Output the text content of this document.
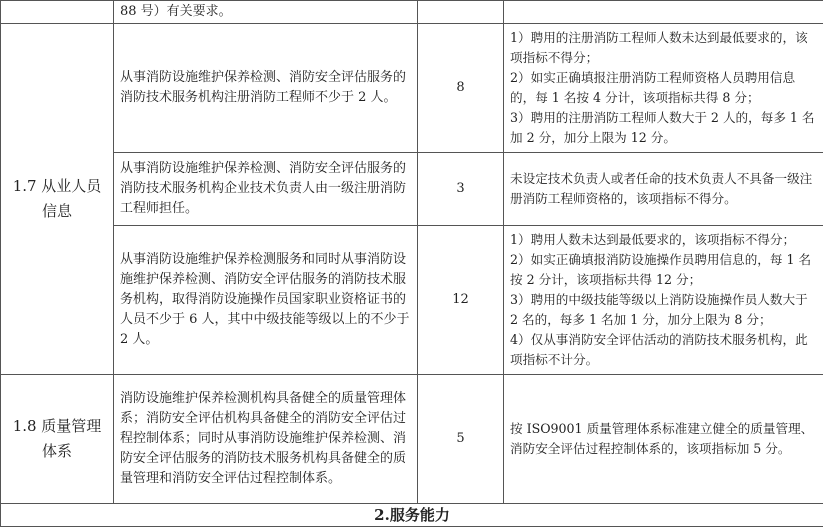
	88 号）有关要求。		
1.7 从业人员信息	从事消防设施维护保养检测、消防安全评估服务的消防技术服务机构注册消防工程师不少于 2 人。	8	1）聘用的注册消防工程师人数未达到最低要求的，该项指标不得分；
2）如实正确填报注册消防工程师资格人员聘用信息的，每 1 名按 4 分计，该项指标共得 8 分；
3）聘用的注册消防工程师人数大于 2 人的，每多 1 名加 2 分，加分上限为 12 分。

	从事消防设施维护保养检测、消防安全评估服务的消防技术服务机构企业技术负责人由一级注册消防工程师担任。	3	未设定技术负责人或者任命的技术负责人不具备一级注册消防工程师资格的，该项指标不得分。

	从事消防设施维护保养检测服务和同时从事消防设施维护保养检测、消防安全评估服务的消防技术服务机构，取得消防设施操作员国家职业资格证书的人员不少于 6 人，其中中级技能等级以上的不少于 2 人。	12	1）聘用人数未达到最低要求的，该项指标不得分；
2）如实正确填报消防设施操作员聘用信息的，每 1 名按 2 分计，该项指标共得 12 分；
3）聘用的中级技能等级以上消防设施操作员人数大于 2 名的，每多 1 名加 1 分，加分上限为 8 分；
4）仅从事消防安全评估活动的消防技术服务机构，此项指标不计分。

1.8 质量管理体系	消防设施维护保养检测机构具备健全的质量管理体系；消防安全评估机构具备健全的消防安全评估过程控制体系；同时从事消防设施维护保养检测、消防安全评估服务的消防技术服务机构具备健全的质量管理和消防安全评估过程控制体系。	5	按 ISO9001 质量管理体系标准建立健全的质量管理、消防安全评估过程控制体系的，该项指标加 5 分。

2.服务能力			
